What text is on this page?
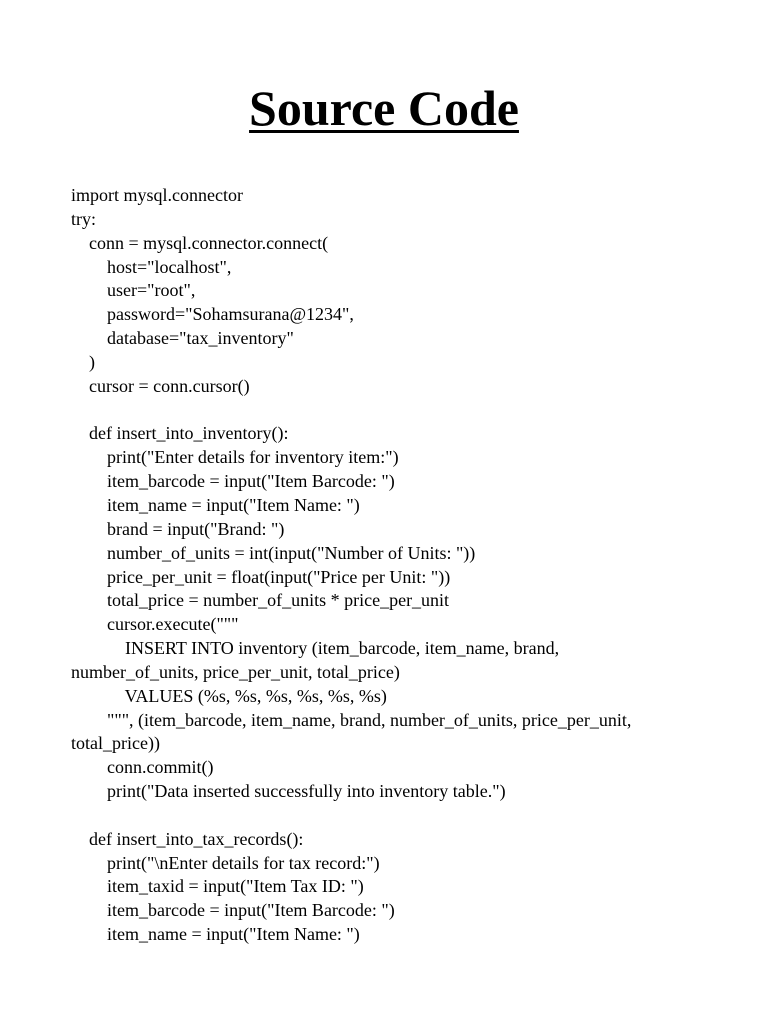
Source Code
import mysql.connector
try:
conn = mysql.connector.connect(
host="localhost",
user="root",
password="Sohamsurana@1234",
database="tax_inventory"
)
cursor = conn.cursor()
def insert_into_inventory():
print("Enter details for inventory item:")
item_barcode = input("Item Barcode: ")
item_name = input("Item Name: ")
brand = input("Brand: ")
number_of_units = int(input("Number of Units: "))
price_per_unit = float(input("Price per Unit: "))
total_price = number_of_units * price_per_unit
cursor.execute("""
INSERT INTO inventory (item_barcode, item_name, brand,
number_of_units, price_per_unit, total_price)
VALUES (%s, %s, %s, %s, %s, %s)
""", (item_barcode, item_name, brand, number_of_units, price_per_unit,
total_price))
conn.commit()
print("Data inserted successfully into inventory table.")
def insert_into_tax_records():
print("\nEnter details for tax record:")
item_taxid = input("Item Tax ID: ")
item_barcode = input("Item Barcode: ")
item_name = input("Item Name: ")
